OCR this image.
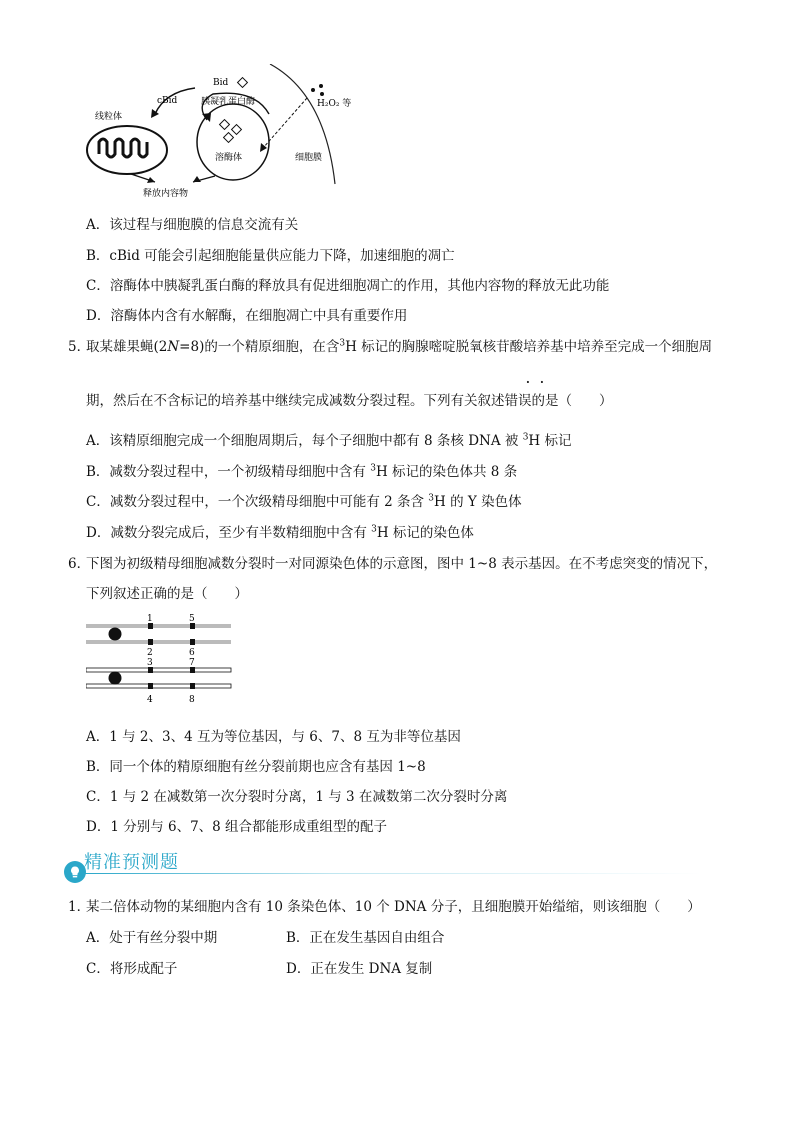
Bid
cBid	胰凝乳蛋白酶
线粒体
溶酶体
释放内容物
H₂O₂ 等
细胞膜
A．该过程与细胞膜的信息交流有关
B．cBid 可能会引起细胞能量供应能力下降，加速细胞的凋亡
C．溶酶体中胰凝乳蛋白酶的释放具有促进细胞凋亡的作用，其他内容物的释放无此功能
D．溶酶体内含有水解酶，在细胞凋亡中具有重要作用
5．
取某雄果蝇(2N=8)的一个精原细胞，在含$^3$H 标记的胸腺嘧啶脱氧核苷酸培养基中培养至完成一个细胞周
· ·
期，然后在不含标记的培养基中继续完成减数分裂过程。下列有关叙述错误的是（　　）
A．该精原细胞完成一个细胞周期后，每个子细胞中都有 8 条核 DNA 被 $^3$H 标记
B．减数分裂过程中，一个初级精母细胞中含有 $^3$H 标记的染色体共 8 条
C．减数分裂过程中，一个次级精母细胞中可能有 2 条含 $^3$H 的 Y 染色体
D．减数分裂完成后，至少有半数精细胞中含有 $^3$H 标记的染色体
6．
下图为初级精母细胞减数分裂时一对同源染色体的示意图，图中 1~8 表示基因。在不考虑突变的情况下，
下列叙述正确的是（　　）
1	5
2	6
3	7
4	8
A．1 与 2、3、4 互为等位基因，与 6、7、8 互为非等位基因
B．同一个体的精原细胞有丝分裂前期也应含有基因 1~8
C．1 与 2 在减数第一次分裂时分离，1 与 3 在减数第二次分裂时分离
D．1 分别与 6、7、8 组合都能形成重组型的配子
精准预测题
1．
某二倍体动物的某细胞内含有 10 条染色体、10 个 DNA 分子，且细胞膜开始缢缩，则该细胞（　　）
A．处于有丝分裂中期	B．正在发生基因自由组合
C．将形成配子	D．正在发生 DNA 复制
